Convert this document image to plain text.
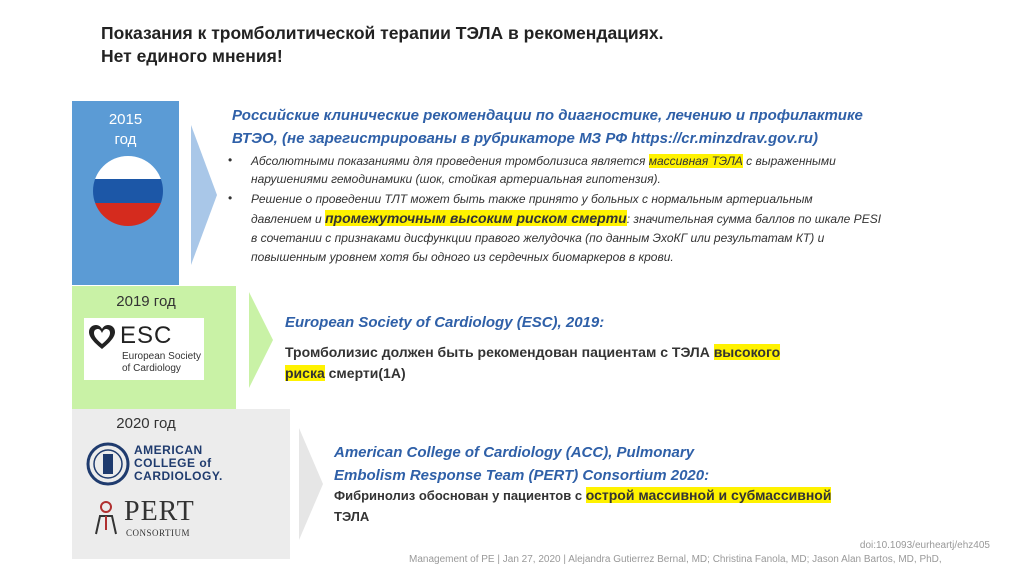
Показания к тромболитической терапии ТЭЛА в рекомендациях.
Нет единого мнения!
2015
год
Российские клинические рекомендации по диагностике, лечению и профилактике
ВТЭО, (не зарегистрированы в рубрикаторе МЗ РФ https://cr.minzdrav.gov.ru)
• Абсолютными показаниями для проведения тромболизиса является массивная ТЭЛА с выраженными
нарушениями гемодинамики (шок, стойкая артериальная гипотензия).
• Решение о проведении ТЛТ может быть также принято у больных с нормальным артериальным
давлением и промежуточным высоким риском смерти: значительная сумма баллов по шкале PESI
в сочетании с признаками дисфункции правого желудочка (по данным ЭхоКГ или результатам КТ) и
повышенным уровнем хотя бы одного из сердечных биомаркеров в крови.
2019 год
ESC
European Society
of Cardiology
European Society of Cardiology (ESC), 2019:
Тромболизис должен быть рекомендован пациентам с ТЭЛА высокого
риска смерти(1А)
2020 год
AMERICAN
COLLEGE of
CARDIOLOGY.
PERT
CONSORTIUM
American College of Cardiology (ACC), Pulmonary
Embolism Response Team (PERT) Consortium 2020:
Фибринолиз обоснован у пациентов с острой массивной и субмассивной
ТЭЛА
doi:10.1093/eurheartj/ehz405
Management of PE | Jan 27, 2020 | Alejandra Gutierrez Bernal, MD; Christina Fanola, MD; Jason Alan Bartos, MD, PhD,
